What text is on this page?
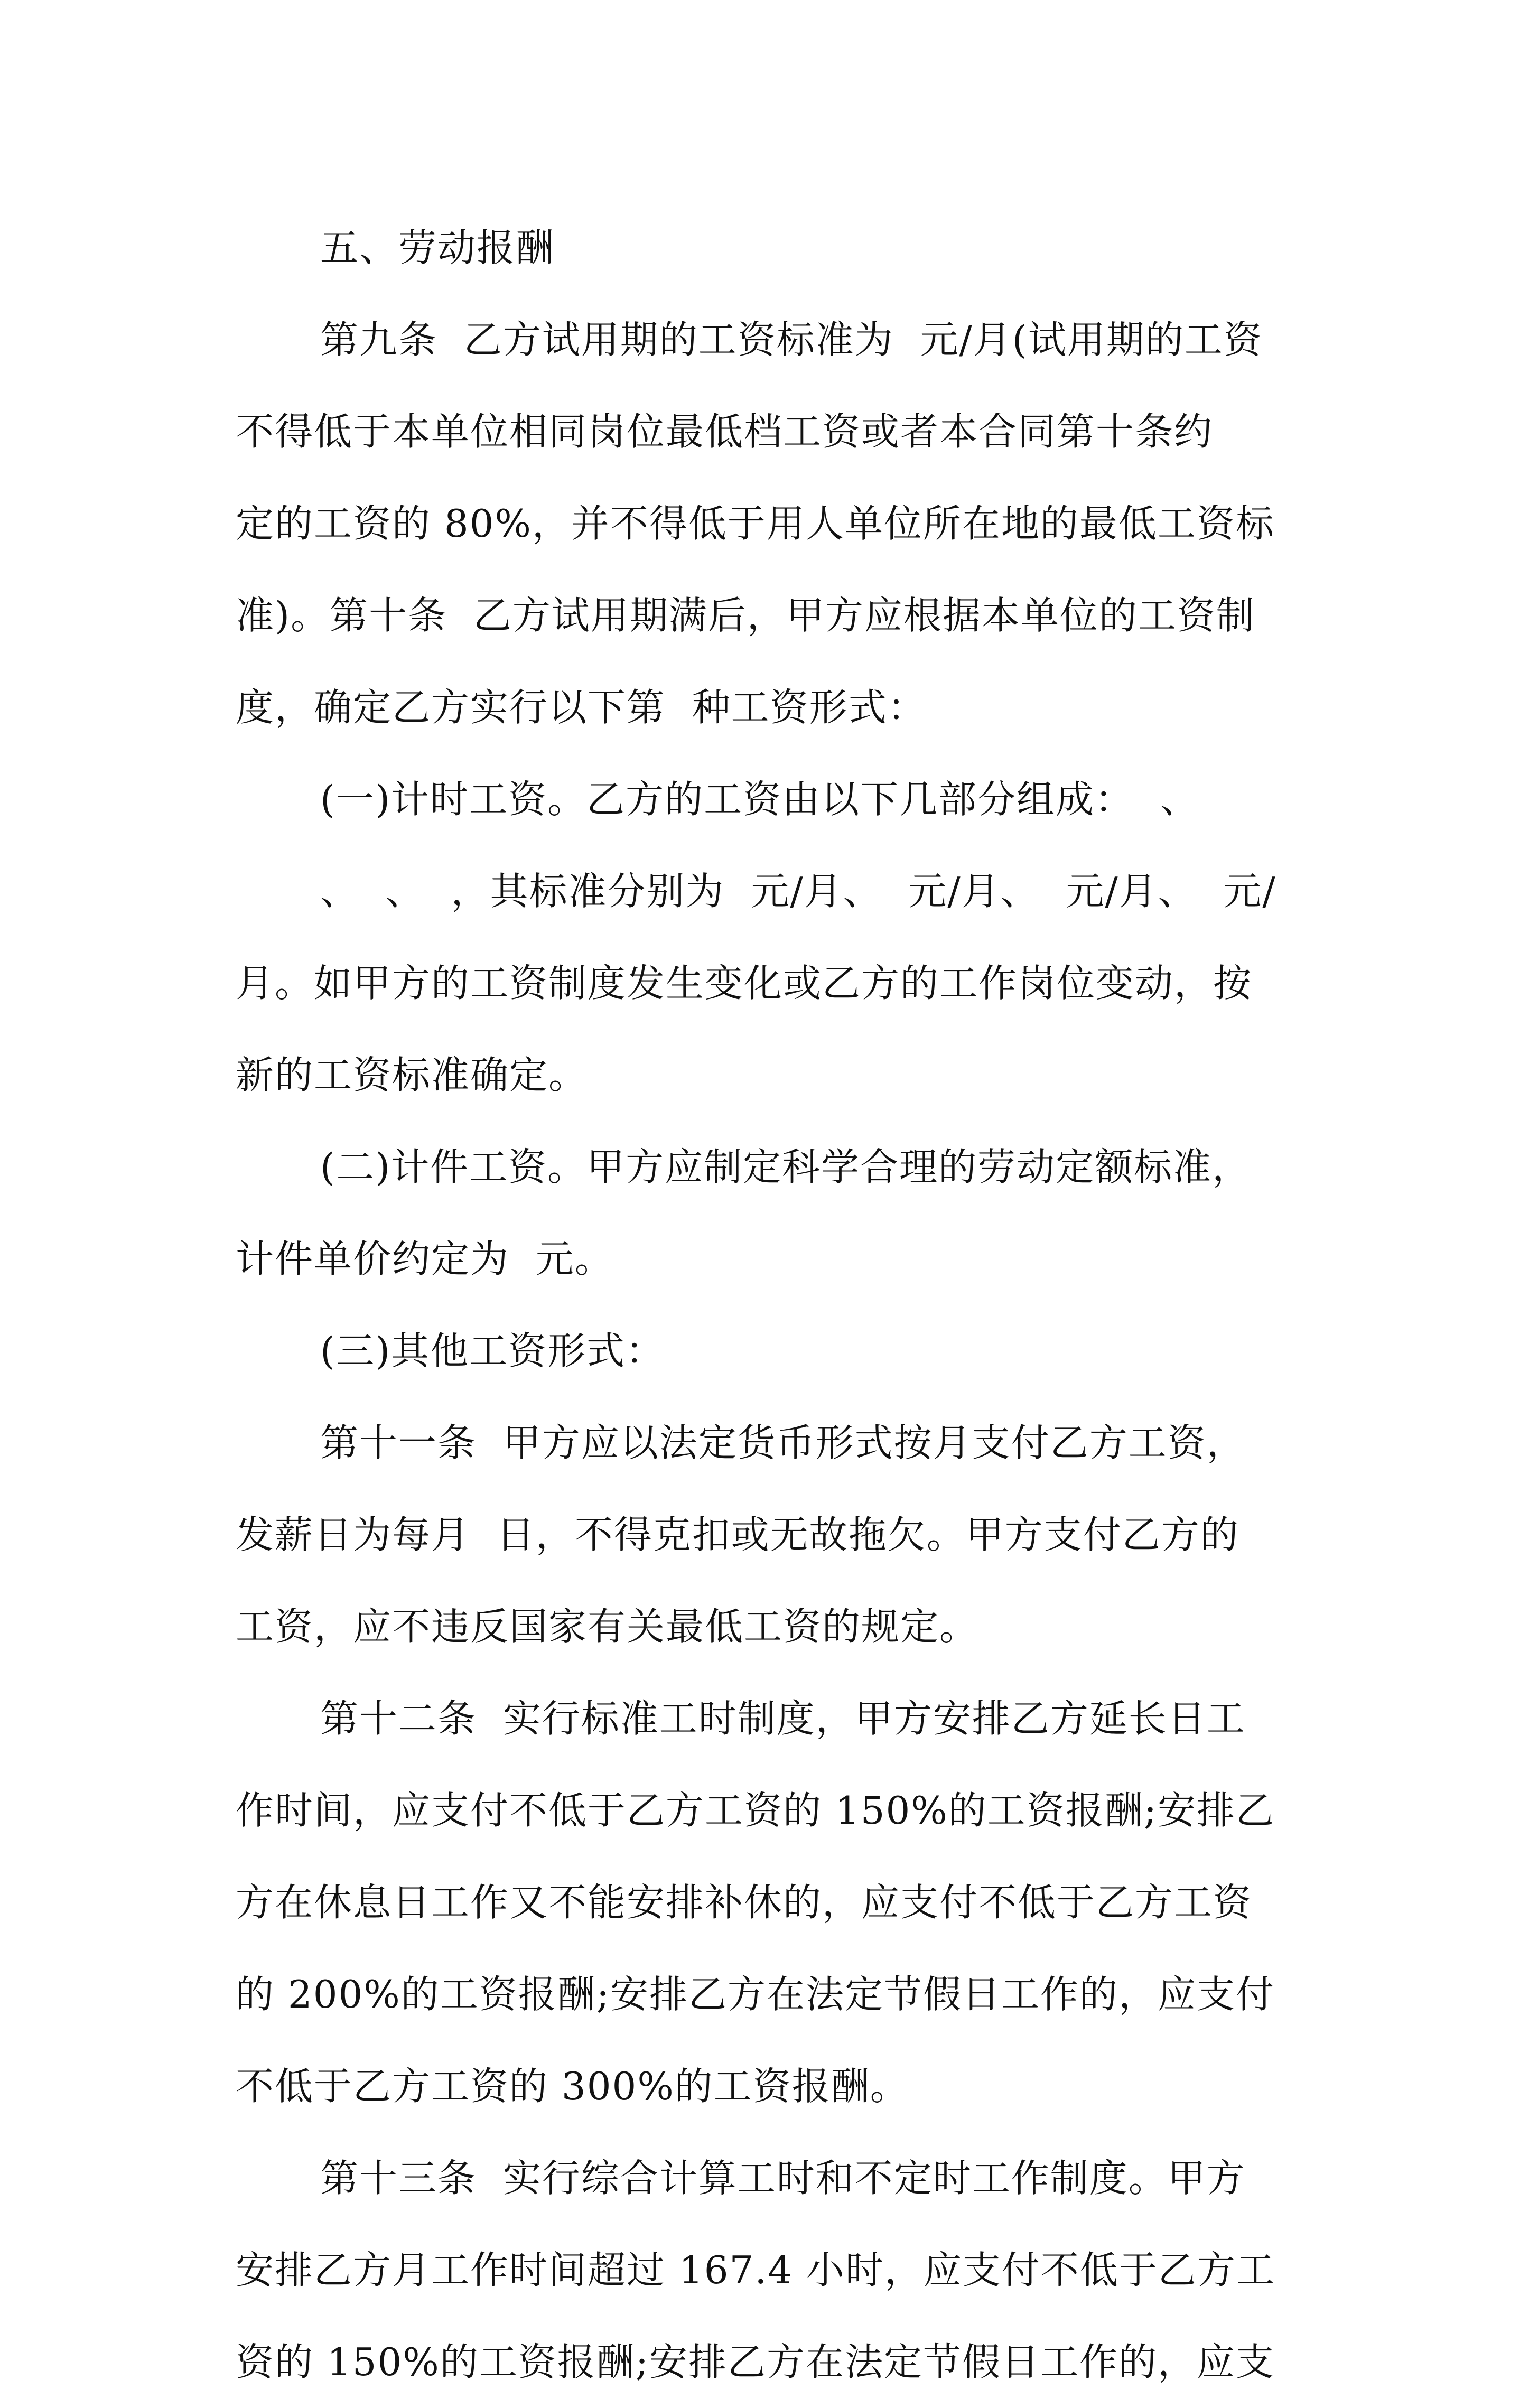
五、劳动报酬
第九条  乙方试用期的工资标准为  元/月(试用期的工资
不得低于本单位相同岗位最低档工资或者本合同第十条约
定的工资的 80%，并不得低于用人单位所在地的最低工资标
准)。第十条  乙方试用期满后，甲方应根据本单位的工资制
度，确定乙方实行以下第  种工资形式：
(一)计时工资。乙方的工资由以下几部分组成：  、
、  、  ，其标准分别为  元/月、  元/月、  元/月、  元/
月。如甲方的工资制度发生变化或乙方的工作岗位变动，按
新的工资标准确定。
(二)计件工资。甲方应制定科学合理的劳动定额标准，
计件单价约定为  元。
(三)其他工资形式：
第十一条  甲方应以法定货币形式按月支付乙方工资，
发薪日为每月  日，不得克扣或无故拖欠。甲方支付乙方的
工资，应不违反国家有关最低工资的规定。
第十二条  实行标准工时制度，甲方安排乙方延长日工
作时间，应支付不低于乙方工资的 150%的工资报酬;安排乙
方在休息日工作又不能安排补休的，应支付不低于乙方工资
的 200%的工资报酬;安排乙方在法定节假日工作的，应支付
不低于乙方工资的 300%的工资报酬。
第十三条  实行综合计算工时和不定时工作制度。甲方
安排乙方月工作时间超过 167.4 小时，应支付不低于乙方工
资的 150%的工资报酬;安排乙方在法定节假日工作的，应支
